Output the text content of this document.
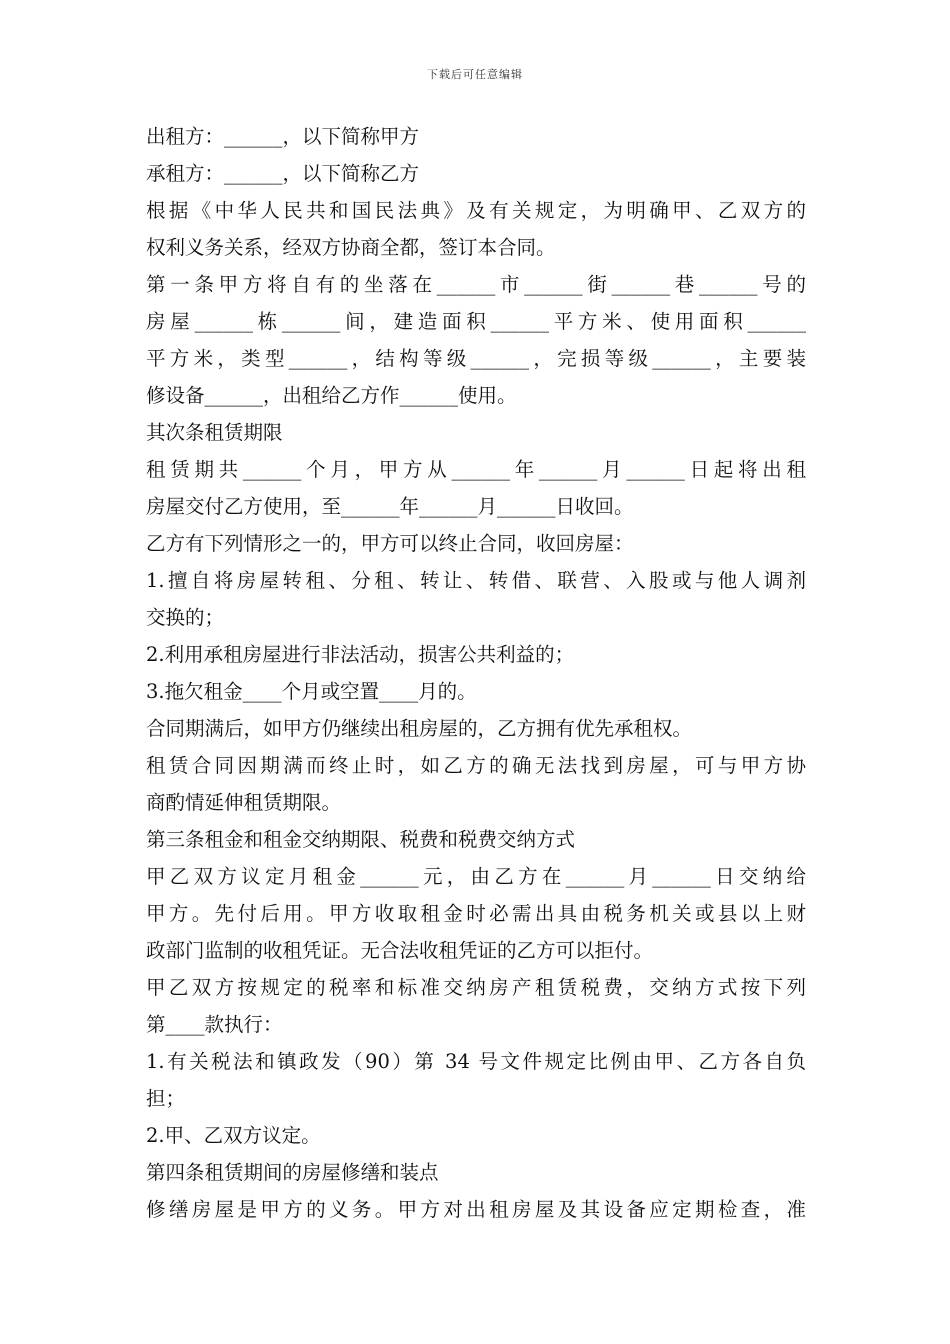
下载后可任意编辑
出租方：______，以下简称甲方
承租方：______，以下简称乙方
根据《中华人民共和国民法典》及有关规定，为明确甲、乙双方的
权利义务关系，经双方协商全都，签订本合同。
第一条甲方将自有的坐落在______市______街______巷______号的
房屋______栋______间，建造面积______平方米、使用面积______
平方米，类型______，结构等级______，完损等级______，主要装
修设备______，出租给乙方作______使用。
其次条租赁期限
租赁期共______个月，甲方从______年______月______日起将出租
房屋交付乙方使用，至______年______月______日收回。
乙方有下列情形之一的，甲方可以终止合同，收回房屋：
1.擅自将房屋转租、分租、转让、转借、联营、入股或与他人调剂
交换的；
2.利用承租房屋进行非法活动，损害公共利益的；
3.拖欠租金____个月或空置____月的。
合同期满后，如甲方仍继续出租房屋的，乙方拥有优先承租权。
租赁合同因期满而终止时，如乙方的确无法找到房屋，可与甲方协
商酌情延伸租赁期限。
第三条租金和租金交纳期限、税费和税费交纳方式
甲乙双方议定月租金______元，由乙方在______月______日交纳给
甲方。先付后用。甲方收取租金时必需出具由税务机关或县以上财
政部门监制的收租凭证。无合法收租凭证的乙方可以拒付。
甲乙双方按规定的税率和标准交纳房产租赁税费，交纳方式按下列
第____款执行：
1.有关税法和镇政发（90）第 34 号文件规定比例由甲、乙方各自负
担；
2.甲、乙双方议定。
第四条租赁期间的房屋修缮和装点
修缮房屋是甲方的义务。甲方对出租房屋及其设备应定期检查，准
